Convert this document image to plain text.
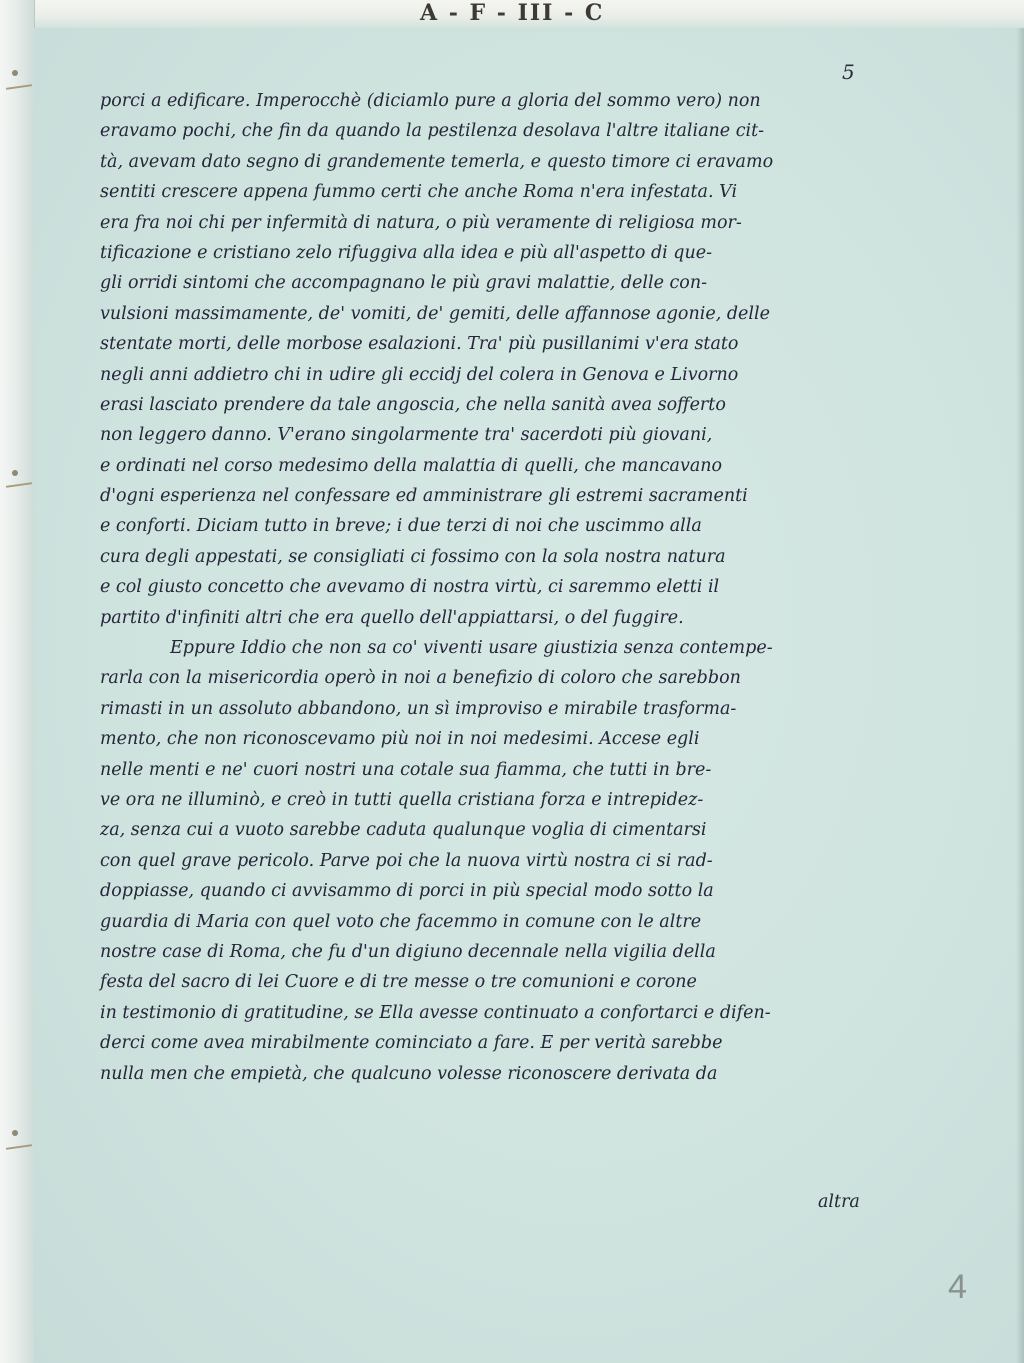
A - F - III - C
5
porci a edificare. Imperocchè (diciamlo pure a gloria del sommo vero) non
eravamo pochi, che fin da quando la pestilenza desolava l'altre italiane cit-
tà, avevam dato segno di grandemente temerla, e questo timore ci eravamo
sentiti crescere appena fummo certi che anche Roma n'era infestata. Vi
era fra noi chi per infermità di natura, o più veramente di religiosa mor-
tificazione e cristiano zelo rifuggiva alla idea e più all'aspetto di que-
gli orridi sintomi che accompagnano le più gravi malattie, delle con-
vulsioni massimamente, de' vomiti, de' gemiti, delle affannose agonie, delle
stentate morti, delle morbose esalazioni. Tra' più pusillanimi v'era stato
negli anni addietro chi in udire gli eccidj del colera in Genova e Livorno
erasi lasciato prendere da tale angoscia, che nella sanità avea sofferto
non leggero danno. V'erano singolarmente tra' sacerdoti più giovani,
e ordinati nel corso medesimo della malattia di quelli, che mancavano
d'ogni esperienza nel confessare ed amministrare gli estremi sacramenti
e conforti. Diciam tutto in breve; i due terzi di noi che uscimmo alla
cura degli appestati, se consigliati ci fossimo con la sola nostra natura
e col giusto concetto che avevamo di nostra virtù, ci saremmo eletti il
partito d'infiniti altri che era quello dell'appiattarsi, o del fuggire.
Eppure Iddio che non sa co' viventi usare giustizia senza contempe-
rarla con la misericordia operò in noi a benefizio di coloro che sarebbon
rimasti in un assoluto abbandono, un sì improviso e mirabile trasforma-
mento, che non riconoscevamo più noi in noi medesimi. Accese egli
nelle menti e ne' cuori nostri una cotale sua fiamma, che tutti in bre-
ve ora ne illuminò, e creò in tutti quella cristiana forza e intrepidez-
za, senza cui a vuoto sarebbe caduta qualunque voglia di cimentarsi
con quel grave pericolo. Parve poi che la nuova virtù nostra ci si rad-
doppiasse, quando ci avvisammo di porci in più special modo sotto la
guardia di Maria con quel voto che facemmo in comune con le altre
nostre case di Roma, che fu d'un digiuno decennale nella vigilia della
festa del sacro di lei Cuore e di tre messe o tre comunioni e corone
in testimonio di gratitudine, se Ella avesse continuato a confortarci e difen-
derci come avea mirabilmente cominciato a fare. E per verità sarebbe
nulla men che empietà, che qualcuno volesse riconoscere derivata da
altra
4
